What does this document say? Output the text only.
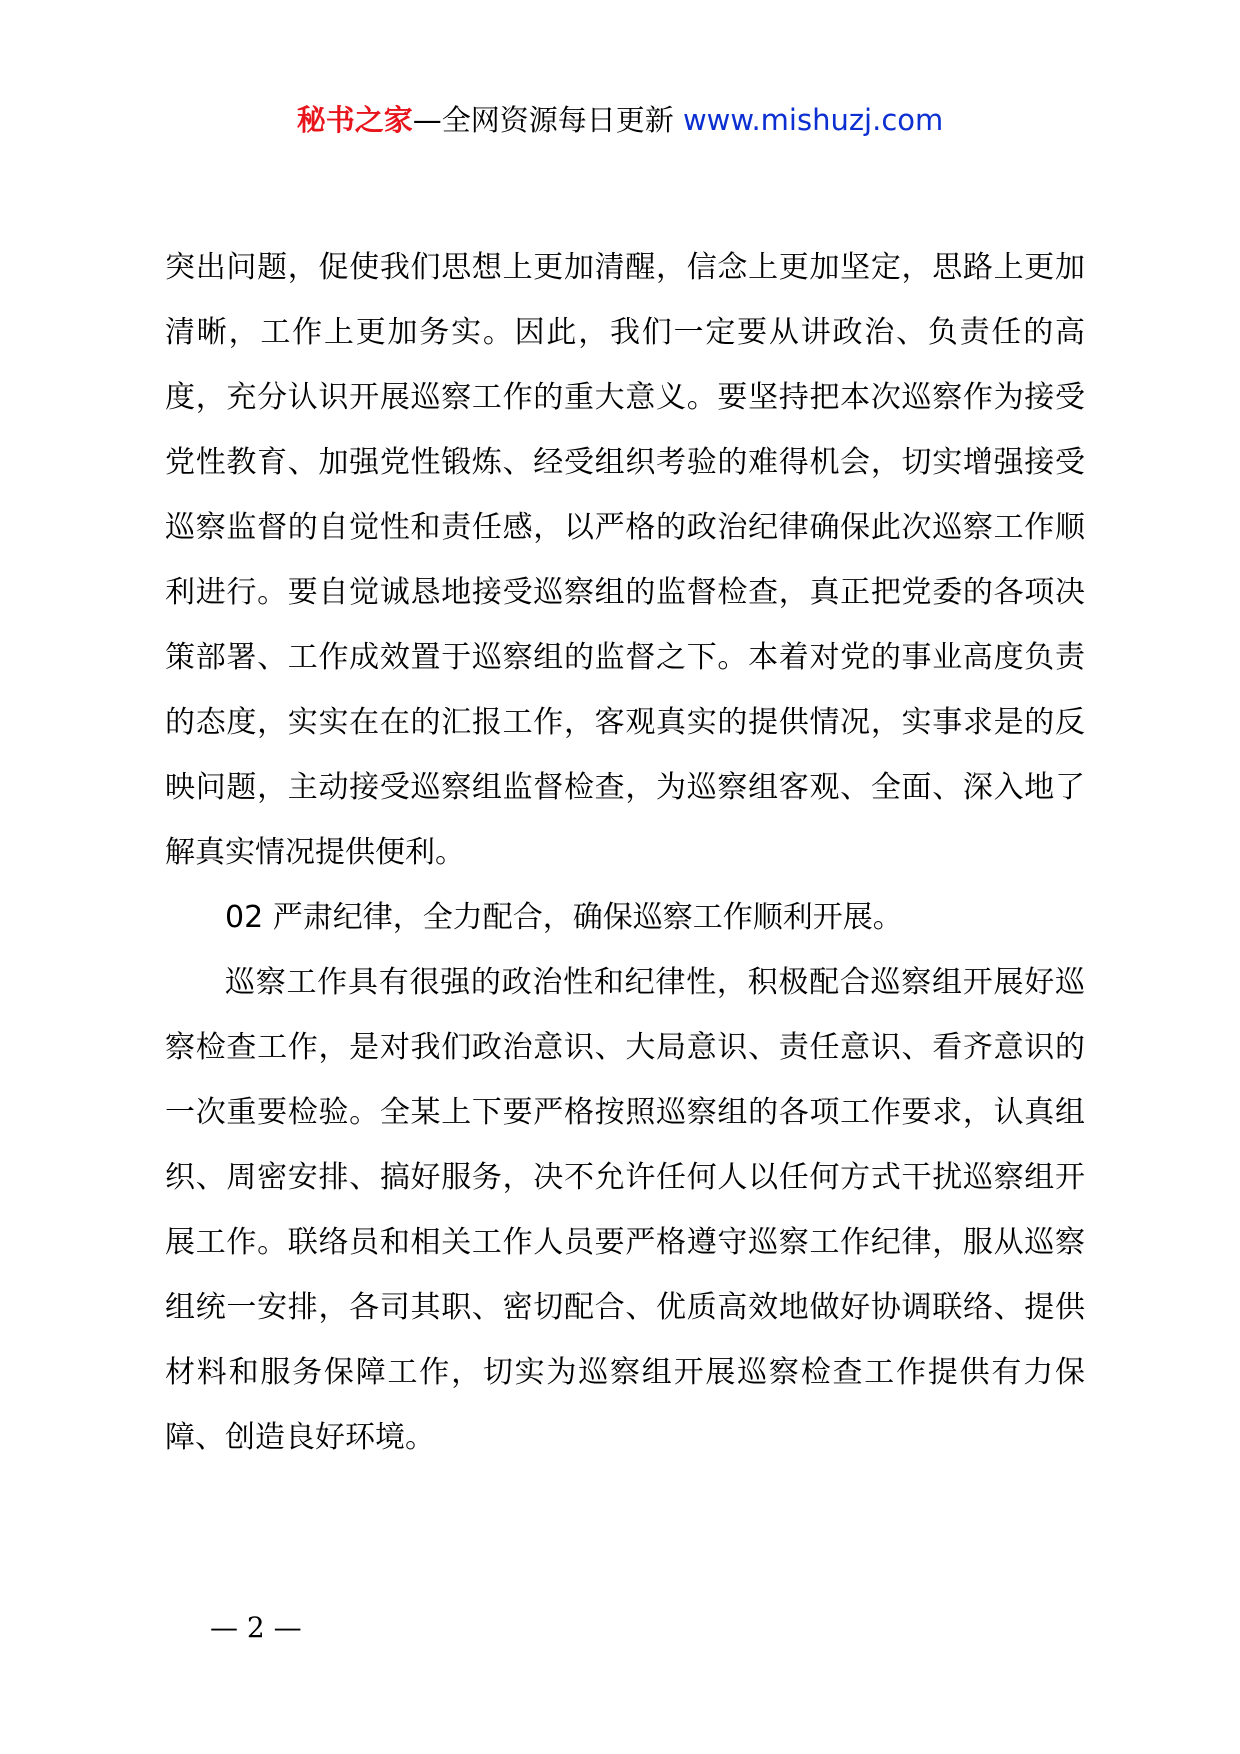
秘书之家—全网资源每日更新 www.mishuzj.com

突出问题，促使我们思想上更加清醒，信念上更加坚定，思路上更加清晰，工作上更加务实。因此，我们一定要从讲政治、负责任的高度，充分认识开展巡察工作的重大意义。要坚持把本次巡察作为接受党性教育、加强党性锻炼、经受组织考验的难得机会，切实增强接受巡察监督的自觉性和责任感，以严格的政治纪律确保此次巡察工作顺利进行。要自觉诚恳地接受巡察组的监督检查，真正把党委的各项决策部署、工作成效置于巡察组的监督之下。本着对党的事业高度负责的态度，实实在在的汇报工作，客观真实的提供情况，实事求是的反映问题，主动接受巡察组监督检查，为巡察组客观、全面、深入地了解真实情况提供便利。

02 严肃纪律，全力配合，确保巡察工作顺利开展。

巡察工作具有很强的政治性和纪律性，积极配合巡察组开展好巡察检查工作，是对我们政治意识、大局意识、责任意识、看齐意识的一次重要检验。全某上下要严格按照巡察组的各项工作要求，认真组织、周密安排、搞好服务，决不允许任何人以任何方式干扰巡察组开展工作。联络员和相关工作人员要严格遵守巡察工作纪律，服从巡察组统一安排，各司其职、密切配合、优质高效地做好协调联络、提供材料和服务保障工作，切实为巡察组开展巡察检查工作提供有力保障、创造良好环境。

— 2 —
